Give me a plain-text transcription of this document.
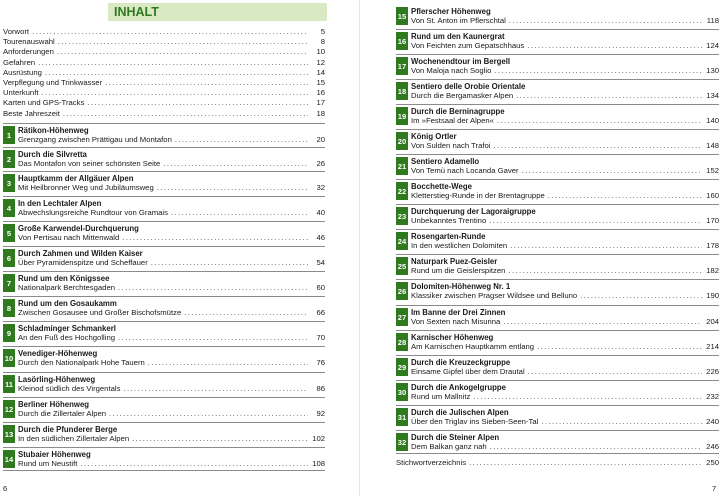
INHALT
Vorwort .....	5
Tourenauswahl .....	8
Anforderungen .....	10
Gefahren .....	12
Ausrüstung .....	14
Verpflegung und Trinkwasser .....	15
Unterkunft .....	16
Karten und GPS-Tracks .....	17
Beste Jahreszeit .....	18
1 Rätikon-Höhenweg
Grenzgang zwischen Prättigau und Montafon .....	20
2 Durch die Silvretta
Das Montafon von seiner schönsten Seite .....	26
3 Hauptkamm der Allgäuer Alpen
Mit Heilbronner Weg und Jubiläumsweg .....	32
4 In den Lechtaler Alpen
Abwechslungsreiche Rundtour von Gramais .....	40
5 Große Karwendel-Durchquerung
Von Pertisau nach Mittenwald .....	46
6 Durch Zahmen und Wilden Kaiser
Über Pyramidenspitze und Scheffauer .....	54
7 Rund um den Königssee
Nationalpark Berchtesgaden .....	60
8 Rund um den Gosaukamm
Zwischen Gosausee und Großer Bischofsmütze .....	66
9 Schladminger Schmankerl
An den Fuß des Hochgolling .....	70
10 Venediger-Höhenweg
Durch den Nationalpark Hohe Tauern .....	76
11 Lasörling-Höhenweg
Kleinod südlich des Virgentals .....	86
12 Berliner Höhenweg
Durch die Zillertaler Alpen .....	92
13 Durch die Pfunderer Berge
In den südlichen Zillertaler Alpen .....	102
14 Stubaier Höhenweg
Rund um Neustift .....	108
6
15 Pflerscher Höhenweg
Von St. Anton im Pflerschtal .....	118
16 Rund um den Kaunergrat
Von Feichten zum Gepatschhaus .....	124
17 Wochenendtour im Bergell
Von Maloja nach Soglio .....	130
18 Sentiero delle Orobie Orientale
Durch die Bergamasker Alpen .....	134
19 Durch die Berninagruppe
Im »Festsaal der Alpen« .....	140
20 König Ortler
Von Sulden nach Trafoi .....	148
21 Sentiero Adamello
Von Temù nach Locanda Gaver .....	152
22 Bocchette-Wege
Kletterstieg-Runde in der Brentagruppe .....	160
23 Durchquerung der Lagoraigruppe
Unbekanntes Trentino .....	170
24 Rosengarten-Runde
In den westlichen Dolomiten .....	178
25 Naturpark Puez-Geisler
Rund um die Geislerspitzen .....	182
26 Dolomiten-Höhenweg Nr. 1
Klassiker zwischen Pragser Wildsee und Belluno .....	190
27 Im Banne der Drei Zinnen
Von Sexten nach Misurina .....	204
28 Karnischer Höhenweg
Am Karnischen Hauptkamm entlang .....	214
29 Durch die Kreuzeckgruppe
Einsame Gipfel über dem Drautal .....	226
30 Durch die Ankogelgruppe
Rund um Mallnitz .....	232
31 Durch die Julischen Alpen
Über den Triglav ins Sieben-Seen-Tal .....	240
32 Durch die Steiner Alpen
Dem Balkan ganz nah .....	246
Stichwortverzeichnis .....	250
7
